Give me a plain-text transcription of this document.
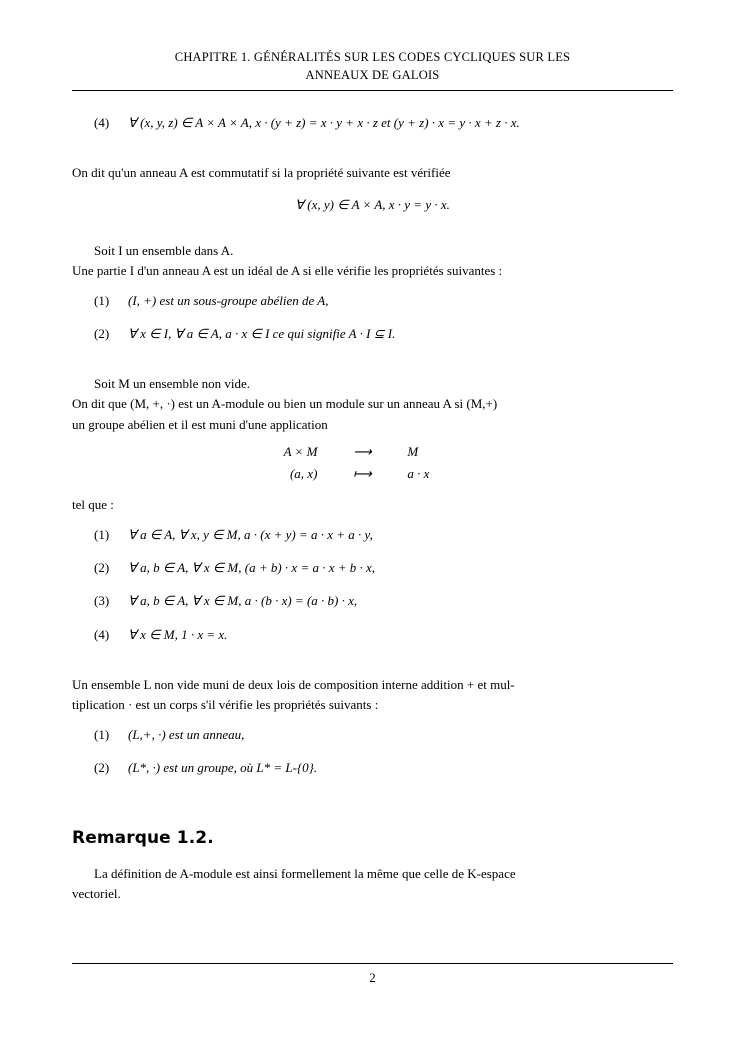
CHAPITRE 1. GÉNÉRALITÉS SUR LES CODES CYCLIQUES SUR LES
ANNEAUX DE GALOIS
(4)	∀ (x, y, z) ∈ A × A × A, x · (y + z) = x · y + x · z et (y + z) · x = y · x + z · x.

On dit qu'un anneau A est commutatif si la propriété suivante est vérifiée

∀ (x, y) ∈ A × A, x · y = y · x.

Soit I un ensemble dans A.

Une partie I d'un anneau A est un idéal de A si elle vérifie les propriétés suivantes :

(1)	(I, +) est un sous-groupe abélien de A,
(2)	∀ x ∈ I, ∀ a ∈ A, a · x ∈ I ce qui signifie A · I ⊆ I.

Soit M un ensemble non vide.

On dit que (M, +, ·) est un A-module ou bien un module sur un anneau A si (M,+)

un groupe abélien et il est muni d'une application

A × M	⟶	M
(a, x)	⟼	a · x

tel que :

(1)	∀ a ∈ A, ∀ x, y ∈ M, a · (x + y) = a · x + a · y,
(2)	∀ a, b ∈ A, ∀ x ∈ M, (a + b) · x = a · x + b · x,
(3)	∀ a, b ∈ A, ∀ x ∈ M, a · (b · x) = (a · b) · x,
(4)	∀ x ∈ M, 1 · x = x.

Un ensemble L non vide muni de deux lois de composition interne addition + et mul-

tiplication · est un corps s'il vérifie les propriétés suivants :

(1)	(L,+, ·) est un anneau,
(2)	(L*, ·) est un groupe, où L* = L-{0}.
Remarque 1.2.

La définition de A-module est ainsi formellement la même que celle de K-espace

vectoriel.

2
